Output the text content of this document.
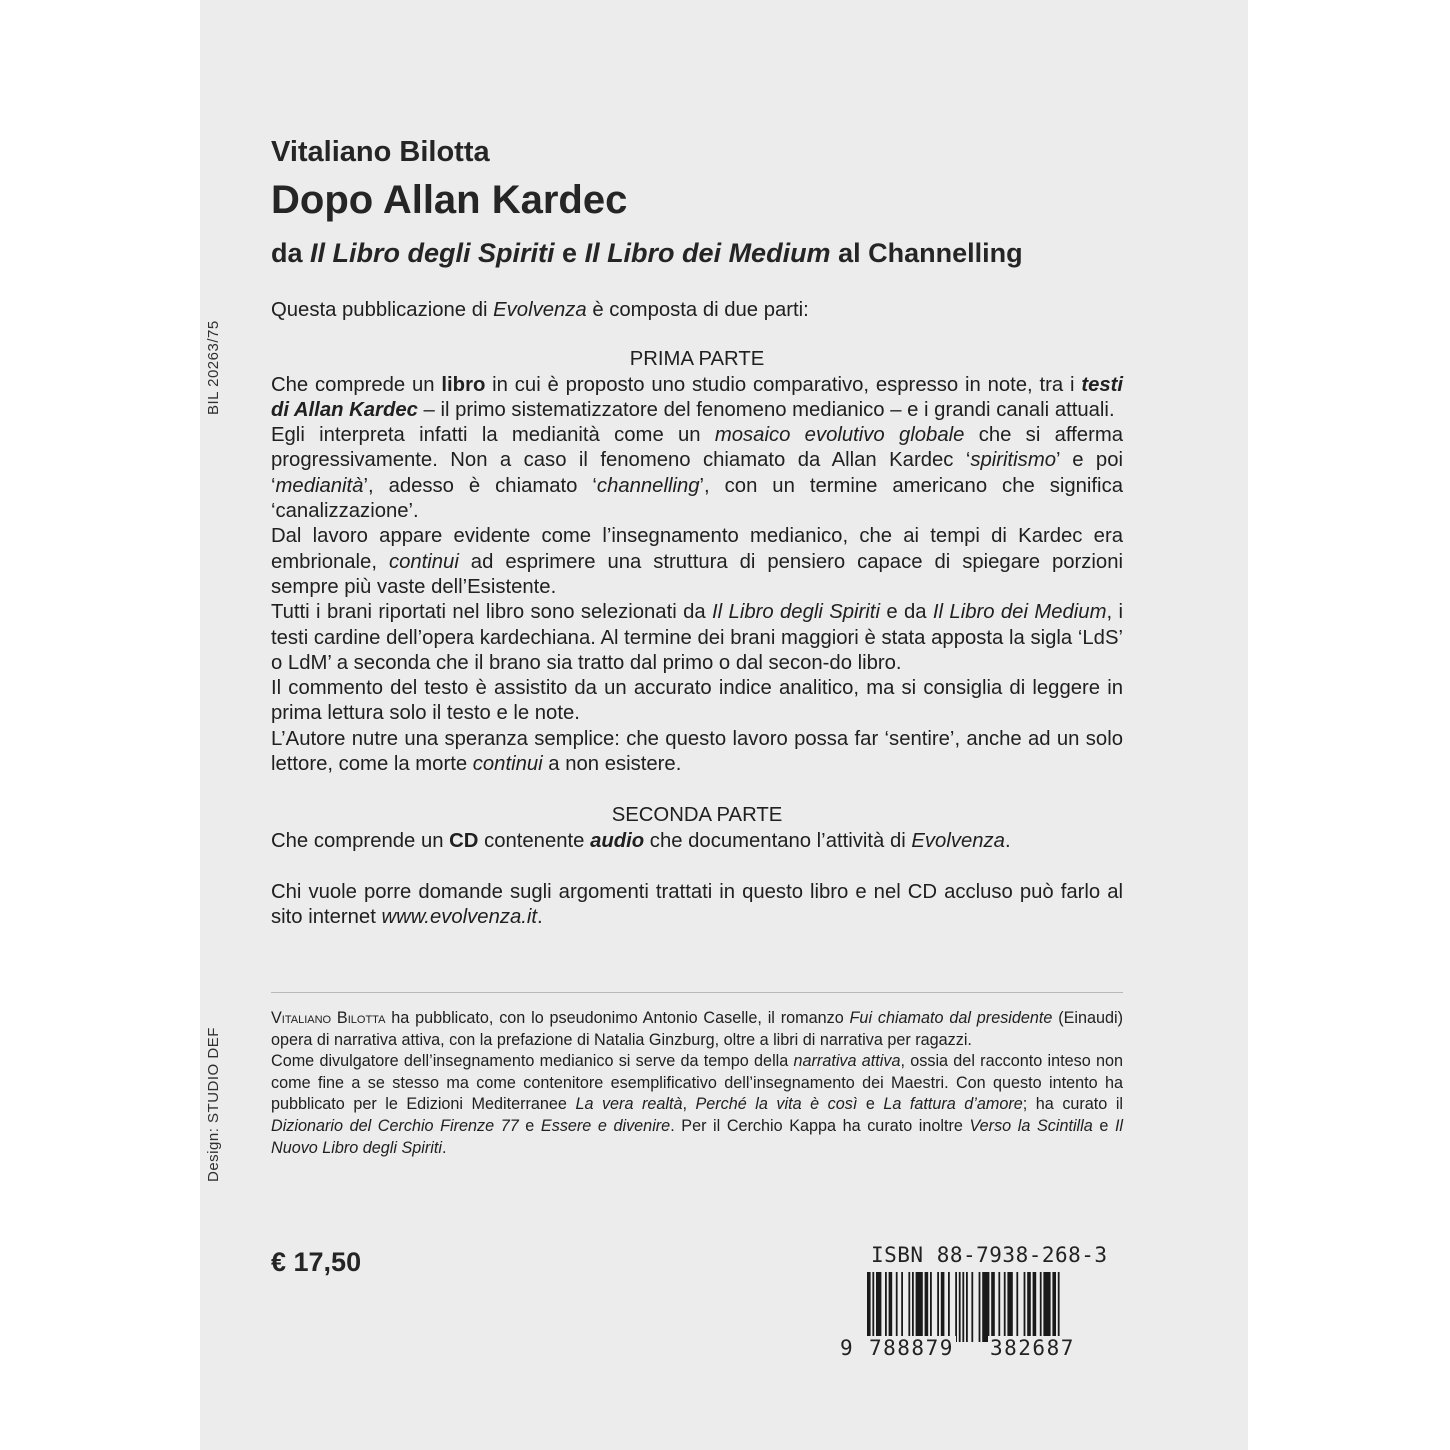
BIL 20263/75
Design: STUDIO DEF
Vitaliano Bilotta
Dopo Allan Kardec
da Il Libro degli Spiriti e Il Libro dei Medium al Channelling

Questa pubblicazione di Evolvenza è composta di due parti:

PRIMA PARTE

Che comprede un libro in cui è proposto uno studio comparativo, espresso in note, tra i testi di Allan Kardec – il primo sistematizzatore del fenomeno medianico – e i grandi canali attuali.

Egli interpreta infatti la medianità come un mosaico evolutivo globale che si afferma progressivamente. Non a caso il fenomeno chiamato da Allan Kardec ‘spiritismo’ e poi ‘medianità’, adesso è chiamato ‘channelling’, con un termine americano che significa ‘canalizzazione’.

Dal lavoro appare evidente come l’insegnamento medianico, che ai tempi di Kardec era embrionale, continui ad esprimere una struttura di pensiero capace di spiegare porzioni sempre più vaste dell’Esistente.

Tutti i brani riportati nel libro sono selezionati da Il Libro degli Spiriti e da Il Libro dei Medium, i testi cardine dell’opera kardechiana. Al termine dei brani maggiori è stata apposta la sigla ‘LdS’ o LdM’ a seconda che il brano sia tratto dal primo o dal secon-do libro.

Il commento del testo è assistito da un accurato indice analitico, ma si consiglia di leggere in prima lettura solo il testo e le note.

L’Autore nutre una speranza semplice: che questo lavoro possa far ‘sentire’, anche ad un solo lettore, come la morte continui a non esistere.

SECONDA PARTE

Che comprende un CD contenente audio che documentano l’attività di Evolvenza.

Chi vuole porre domande sugli argomenti trattati in questo libro e nel CD accluso può farlo al sito internet www.evolvenza.it.

Vitaliano Bilotta ha pubblicato, con lo pseudonimo Antonio Caselle, il romanzo Fui chiamato dal presidente (Einaudi) opera di narrativa attiva, con la prefazione di Natalia Ginzburg, oltre a libri di narrativa per ragazzi.

Come divulgatore dell’insegnamento medianico si serve da tempo della narrativa attiva, ossia del racconto inteso non come fine a se stesso ma come contenitore esemplificativo dell’insegnamento dei Maestri. Con questo intento ha pubblicato per le Edizioni Mediterranee La vera realtà, Perché la vita è così e La fattura d’amore; ha curato il Dizionario del Cerchio Firenze 77 e Essere e divenire. Per il Cerchio Kappa ha curato inoltre Verso la Scintilla e Il Nuovo Libro degli Spiriti.

€ 17,50	ISBN 88-7938-268-3
9 788879 382687
